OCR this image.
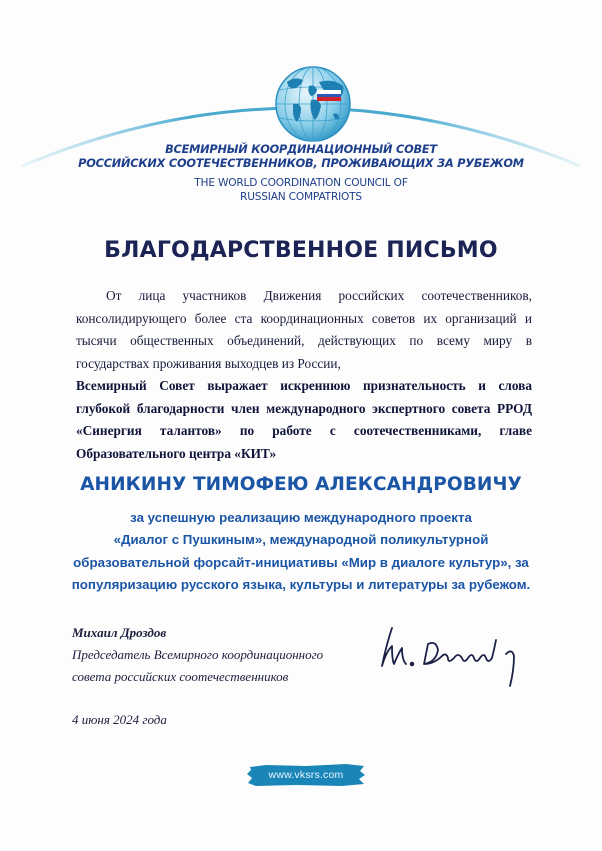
ВСЕМИРНЫЙ КООРДИНАЦИОННЫЙ СОВЕТ
РОССИЙСКИХ СООТЕЧЕСТВЕННИКОВ, ПРОЖИВАЮЩИХ ЗА РУБЕЖОМ
THE WORLD COORDINATION COUNCIL OF
RUSSIAN COMPATRIOTS
БЛАГОДАРСТВЕННОЕ ПИСЬМО
От лица участников Движения российских соотечественников, консолидирующего более ста координационных советов их организаций и тысячи общественных объединений, действующих по всему миру в государствах проживания выходцев из России,
Всемирный Совет выражает искреннюю признательность и слова глубокой благодарности член международного экспертного совета РРОД «Синергия талантов» по работе с соотечественниками, главе Образовательного центра «КИТ»
АНИКИНУ ТИМОФЕЮ АЛЕКСАНДРОВИЧУ
за успешную реализацию международного проекта
«Диалог с Пушкиным», международной поликультурной
образовательной форсайт-инициативы «Мир в диалоге культур», за
популяризацию русского языка, культуры и литературы за рубежом.
Михаил Дроздов
Председатель Всемирного координационного
совета российских соотечественников
4 июня 2024 года
www.vksrs.com
